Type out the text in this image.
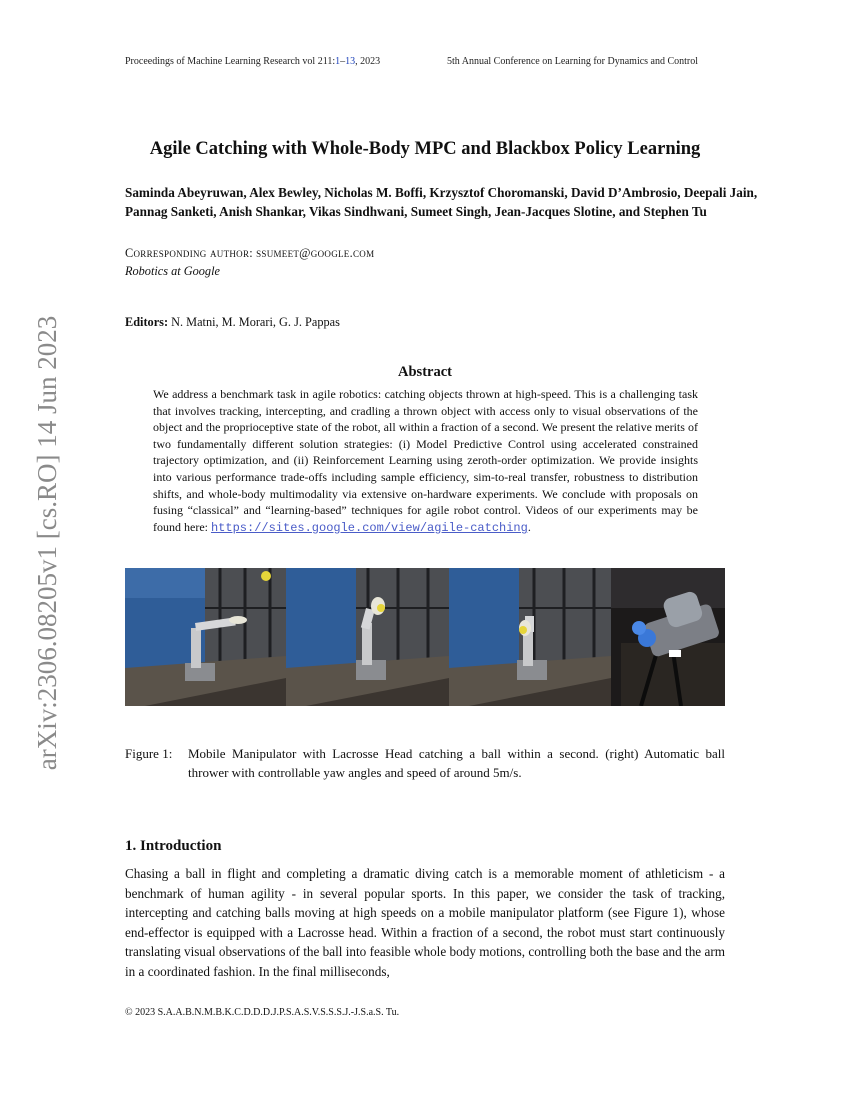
Proceedings of Machine Learning Research vol 211:1–13, 2023	5th Annual Conference on Learning for Dynamics and Control
Agile Catching with Whole-Body MPC and Blackbox Policy Learning
Saminda Abeyruwan, Alex Bewley, Nicholas M. Boffi, Krzysztof Choromanski, David D’Ambrosio, Deepali Jain, Pannag Sanketi, Anish Shankar, Vikas Sindhwani, Sumeet Singh, Jean-Jacques Slotine, and Stephen Tu
Corresponding author: ssumeet@google.com
Robotics at Google
Editors: N. Matni, M. Morari, G. J. Pappas
Abstract
We address a benchmark task in agile robotics: catching objects thrown at high-speed. This is a challenging task that involves tracking, intercepting, and cradling a thrown object with access only to visual observations of the object and the proprioceptive state of the robot, all within a fraction of a second. We present the relative merits of two fundamentally different solution strategies: (i) Model Predictive Control using accelerated constrained trajectory optimization, and (ii) Reinforcement Learning using zeroth-order optimization. We provide insights into various performance trade-offs including sample efficiency, sim-to-real transfer, robustness to distribution shifts, and whole-body multimodality via extensive on-hardware experiments. We conclude with proposals on fusing “classical” and “learning-based” techniques for agile robot control. Videos of our experiments may be found here: https://sites.google.com/view/agile-catching.
Figure 1:	Mobile Manipulator with Lacrosse Head catching a ball within a second. (right) Automatic ball thrower with controllable yaw angles and speed of around 5m/s.
1. Introduction
Chasing a ball in flight and completing a dramatic diving catch is a memorable moment of athleticism - a benchmark of human agility - in several popular sports. In this paper, we consider the task of tracking, intercepting and catching balls moving at high speeds on a mobile manipulator platform (see Figure 1), whose end-effector is equipped with a Lacrosse head. Within a fraction of a second, the robot must start continuously translating visual observations of the ball into feasible whole body motions, controlling both the base and the arm in a coordinated fashion. In the final milliseconds,
© 2023 S.A.A.B.N.M.B.K.C.D.D.D.J.P.S.A.S.V.S.S.S.J.-J.S.a.S. Tu.
arXiv:2306.08205v1 [cs.RO] 14 Jun 2023
